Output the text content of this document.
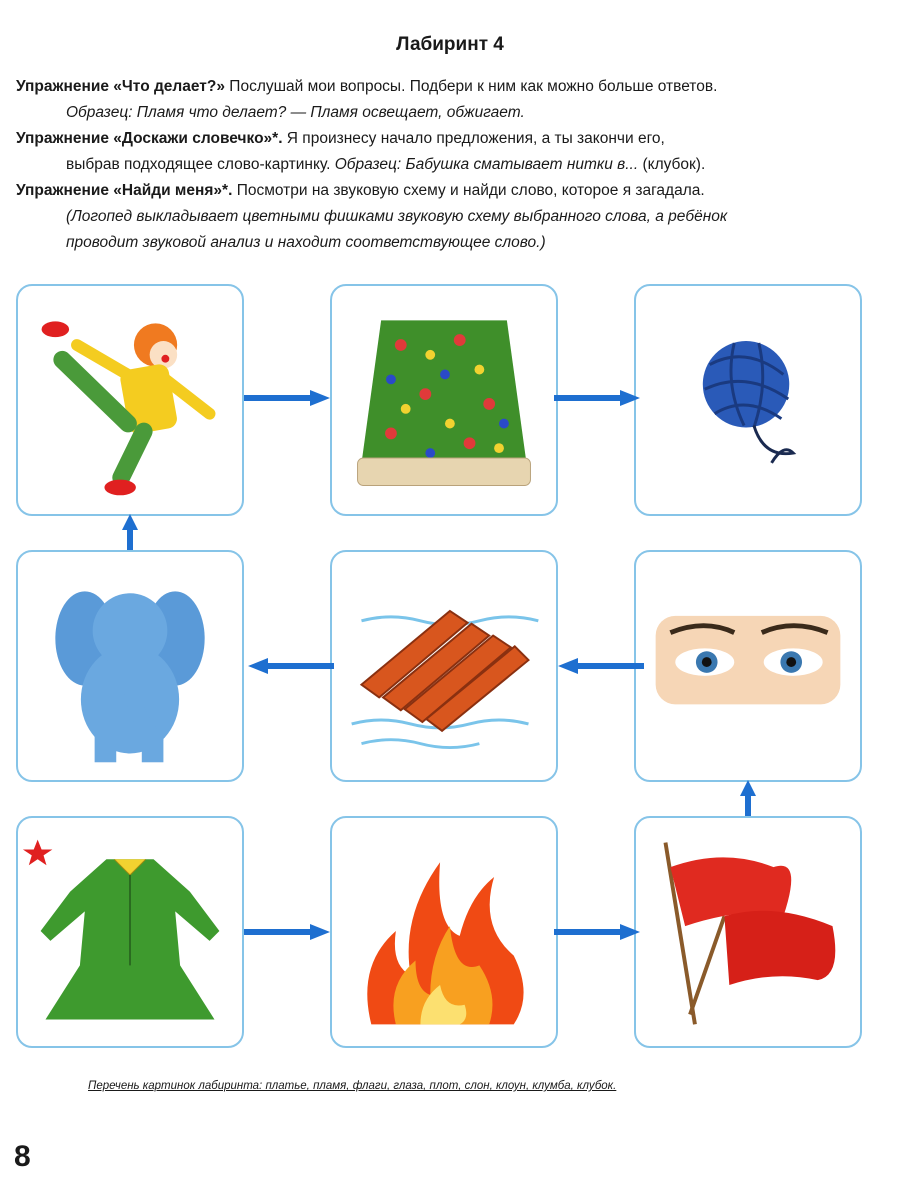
Лабиринт 4

Упражнение «Что делает?» Послушай мои вопросы. Подбери к ним как можно больше ответов.

Образец: Пламя что делает? — Пламя освещает, обжигает.

Упражнение «Доскажи словечко»*. Я произнесу начало предложения, а ты закончи его,

выбрав подходящее слово-картинку. Образец: Бабушка сматывает нитки в... (клубок).

Упражнение «Найди меня»*. Посмотри на звуковую схему и найди слово, которое я загадала.

(Логопед выкладывает цветными фишками звуковую схему выбранного слова, а ребёнок

проводит звуковой анализ и находит соответствующее слово.)

Перечень картинок лабиринта: платье, пламя, флаги, глаза, плот, слон, клоун, клумба, клубок.
8
